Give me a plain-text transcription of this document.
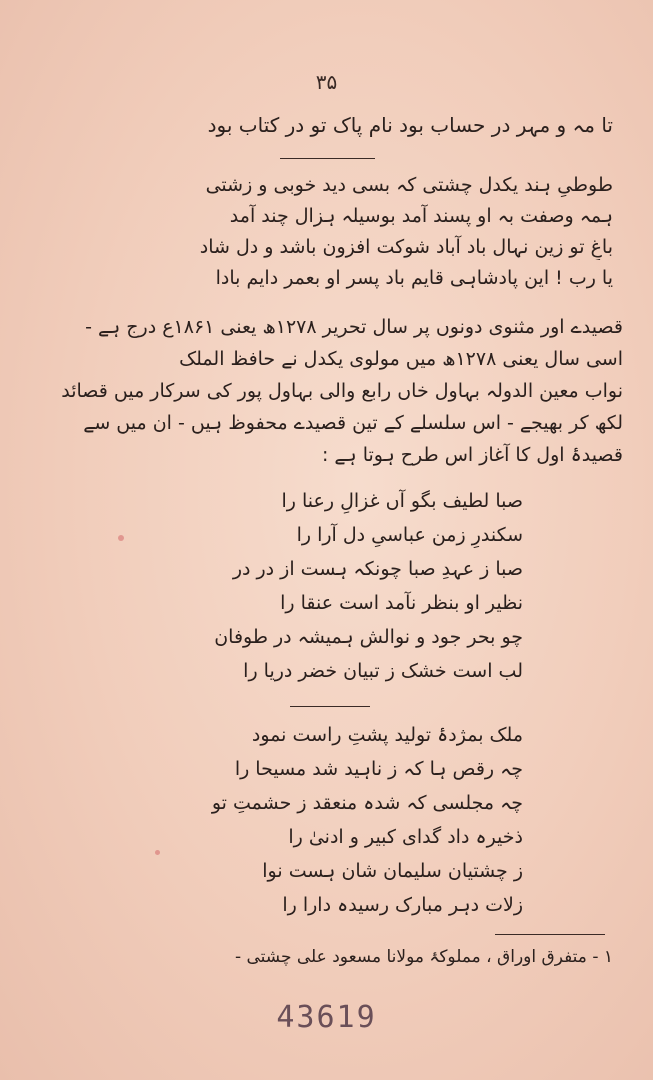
۳۵
تا مہ و مہر در حساب بود نام پاک تو در کتاب بود
طوطیِ ہند یکدل چشتی کہ بسی دید خوبی و زشتی
ہمہ وصفت بہ او پسند آمد بوسیلہ ہزال چند آمد
باغِ تو زین نہال باد آباد شوکت افزون باشد و دل شاد
یا رب ! این پادشاہی قایم باد پسر او بعمر دایم بادا
قصیدے اور مثنوی دونوں پر سال تحریر ۱۲۷۸ھ یعنی ۱۸۶۱ع درج ہے -
اسی سال یعنی ۱۲۷۸ھ میں مولوی یکدل نے حافظ الملک
نواب معین الدولہ بہاول خاں رابع والی بہاول پور کی سرکار میں قصائد
لکھ کر بھیجے - اس سلسلے کے تین قصیدے محفوظ ہیں - ان میں سے
قصیدۂ اول کا آغاز اس طرح ہوتا ہے :
صبا لطیف بگو آں غزالِ رعنا را
سکندرِ زمن عباسیِ دل آرا را
صبا ز عہدِ صبا چونکہ ہست از در در
نظیر او بنظر نآمد است عنقا را
چو بحر جود و نوالش ہمیشہ در طوفان
لب است خشک ز تبیان خضر دریا را
ملک بمژدۂ تولید پشتِ راست نمود
چہ رقص ہا کہ ز ناہید شد مسیحا را
چہ مجلسی کہ شدہ منعقد ز حشمتِ تو
ذخیرہ داد گدای کبیر و ادنیٰ را
ز چشتیان سلیمان شان ہست نوا
زلات دہر مبارک رسیدہ دارا را
۱ - متفرق اوراق ، مملوکۂ مولانا مسعود علی چشتی -
43619
